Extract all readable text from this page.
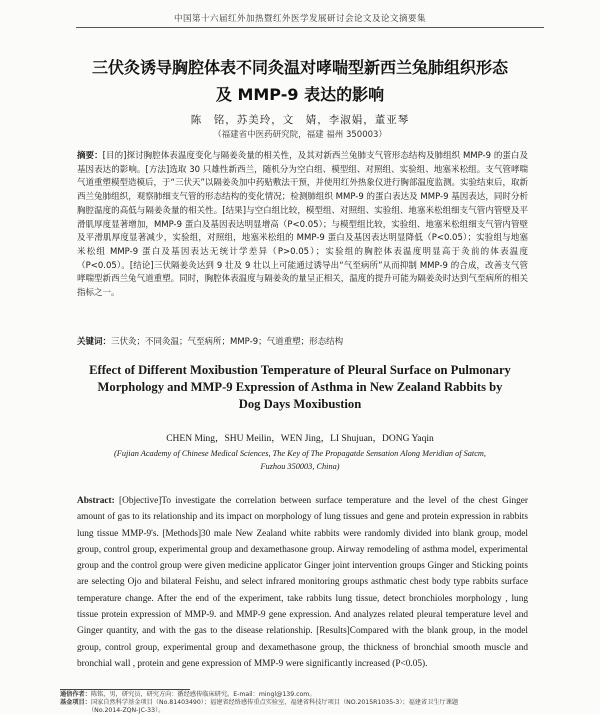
中国第十六届红外加热暨红外医学发展研讨会论文及论文摘要集
三伏灸诱导胸腔体表不同灸温对哮喘型新西兰兔肺组织形态
及 MMP-9 表达的影响
陈　铭，苏美玲，文　婧，李淑娟，董亚琴
（福建省中医药研究院，福建 福州 350003）
摘要：[目的]探讨胸腔体表温度变化与隔姜灸量的相关性，及其对新西兰兔肺支气管形态结构及肺组织 MMP-9 的蛋白及基因表达的影响。[方法]选取 30 只雄性新西兰，随机分为空白组、模型组、对照组、实验组、地塞米松组。支气管哮喘气道重塑模型造模后，于“三伏天”以隔姜灸加中药贴敷法干预，并使用红外热象仪进行胸部温度监测。实验结束后，取新西兰兔肺组织，观察肺细支气管的形态结构的变化情况；检测肺组织 MMP-9 的蛋白表达及 MMP-9 基因表达，同时分析胸腔温度的高低与隔姜灸量的相关性。[结果]与空白组比较，模型组、对照组、实验组、地塞米松组细支气管内管壁及平滑肌厚度显著增加，MMP-9 蛋白及基因表达明显增高（P<0.05）；与模型组比较，实验组、地塞米松组细支气管内管壁及平滑肌厚度显著减少，实验组，对照组，地塞米松组的 MMP-9 蛋白及基因表达明显降低（P<0.05）；实验组与地塞米松组 MMP-9 蛋白及基因表达无统计学差异（P>0.05）；实验组的胸腔体表温度明显高于灸前的体表温度（P<0.05）。[结论]三伏隔姜灸达到 9 壮及 9 壮以上可能通过诱导出“气至病所”从而抑制 MMP-9 的合成，改善支气管哮喘型新西兰兔气道重塑。同时，胸腔体表温度与隔姜灸的量呈正相关，温度的提升可能为隔姜灸时达到气至病所的相关指标之一。
关键词：三伏灸；不同灸温；气至病所；MMP-9；气道重塑；形态结构
Effect of Different Moxibustion Temperature of Pleural Surface on Pulmonary
Morphology and MMP-9 Expression of Asthma in New Zealand Rabbits by
Dog Days Moxibustion
CHEN Ming，SHU Meilin，WEN Jing，LI Shujuan，DONG Yaqin
(Fujian Academy of Chinese Medical Sciences, The Key of The Propagatde Sensation Along Meridian of Satcm,
Fuzhou 350003, China)
Abstract: [Objective]To investigate the correlation between surface temperature and the level of the chest Ginger amount of gas to its relationship and its impact on morphology of lung tissues and gene and protein expression in rabbits lung tissue MMP-9's. [Methods]30 male New Zealand white rabbits were randomly divided into blank group, model group, control group, experimental group and dexamethasone group. Airway remodeling of asthma model, experimental group and the control group were given medicine applicator Ginger joint intervention groups Ginger and Sticking points are selecting Ojo and bilateral Feishu, and select infrared monitoring groups asthmatic chest body type rabbits surface temperature change. After the end of the experiment, take rabbits lung tissue, detect bronchioles morphology , lung tissue protein expression of MMP-9. and MMP-9 gene expression. And analyzes related pleural temperature level and Ginger quantity, and with the gas to the disease relationship. [Results]Compared with the blank group, in the model group, control group, experimental group and dexamethasone group, the thickness of bronchial smooth muscle and bronchial wall , protein and gene expression of MMP-9 were significantly increased (P<0.05).
通信作者：陈铭，男，研究员，研究方向：循经感传临床研究。E-mail：mingl@139.com。
基金项目：国家自然科学基金项目（No.81403490）；福建省经络感传重点实验室，福建省科技厅项目（NO.2015R1035-3）；福建省卫生厅课题
（No.2014-ZQN-JC-33）。
